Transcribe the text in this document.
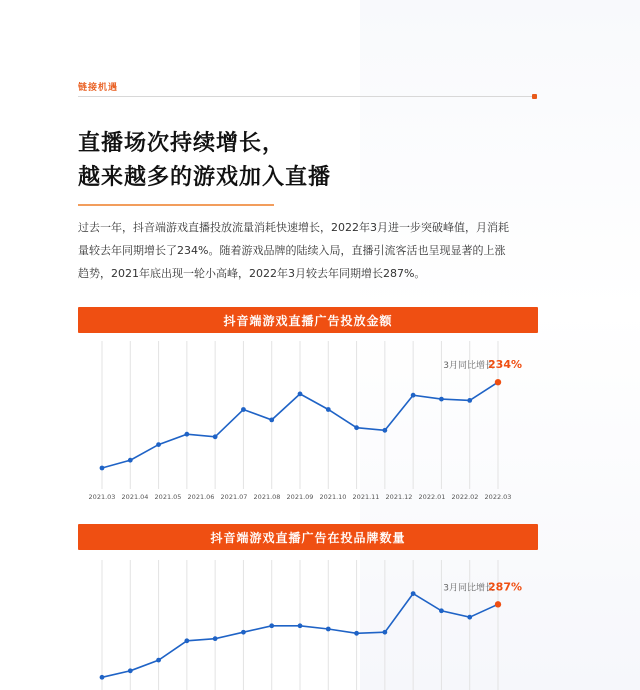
链接机遇
直播场次持续增长，
越来越多的游戏加入直播
过去一年，抖音端游戏直播投放流量消耗快速增长，2022年3月进一步突破峰值，月消耗
量较去年同期增长了234%。随着游戏品牌的陆续入局，直播引流客活也呈现显著的上涨
趋势，2021年底出现一轮小高峰，2022年3月较去年同期增长287%。
抖音端游戏直播广告投放金额
3月同比增长
234%
2021.03 2021.04 2021.05 2021.06 2021.07 2021.08 2021.09 2021.10 2021.11 2021.12 2022.01 2022.02 2022.03
抖音端游戏直播广告在投品牌数量
3月同比增长
287%
